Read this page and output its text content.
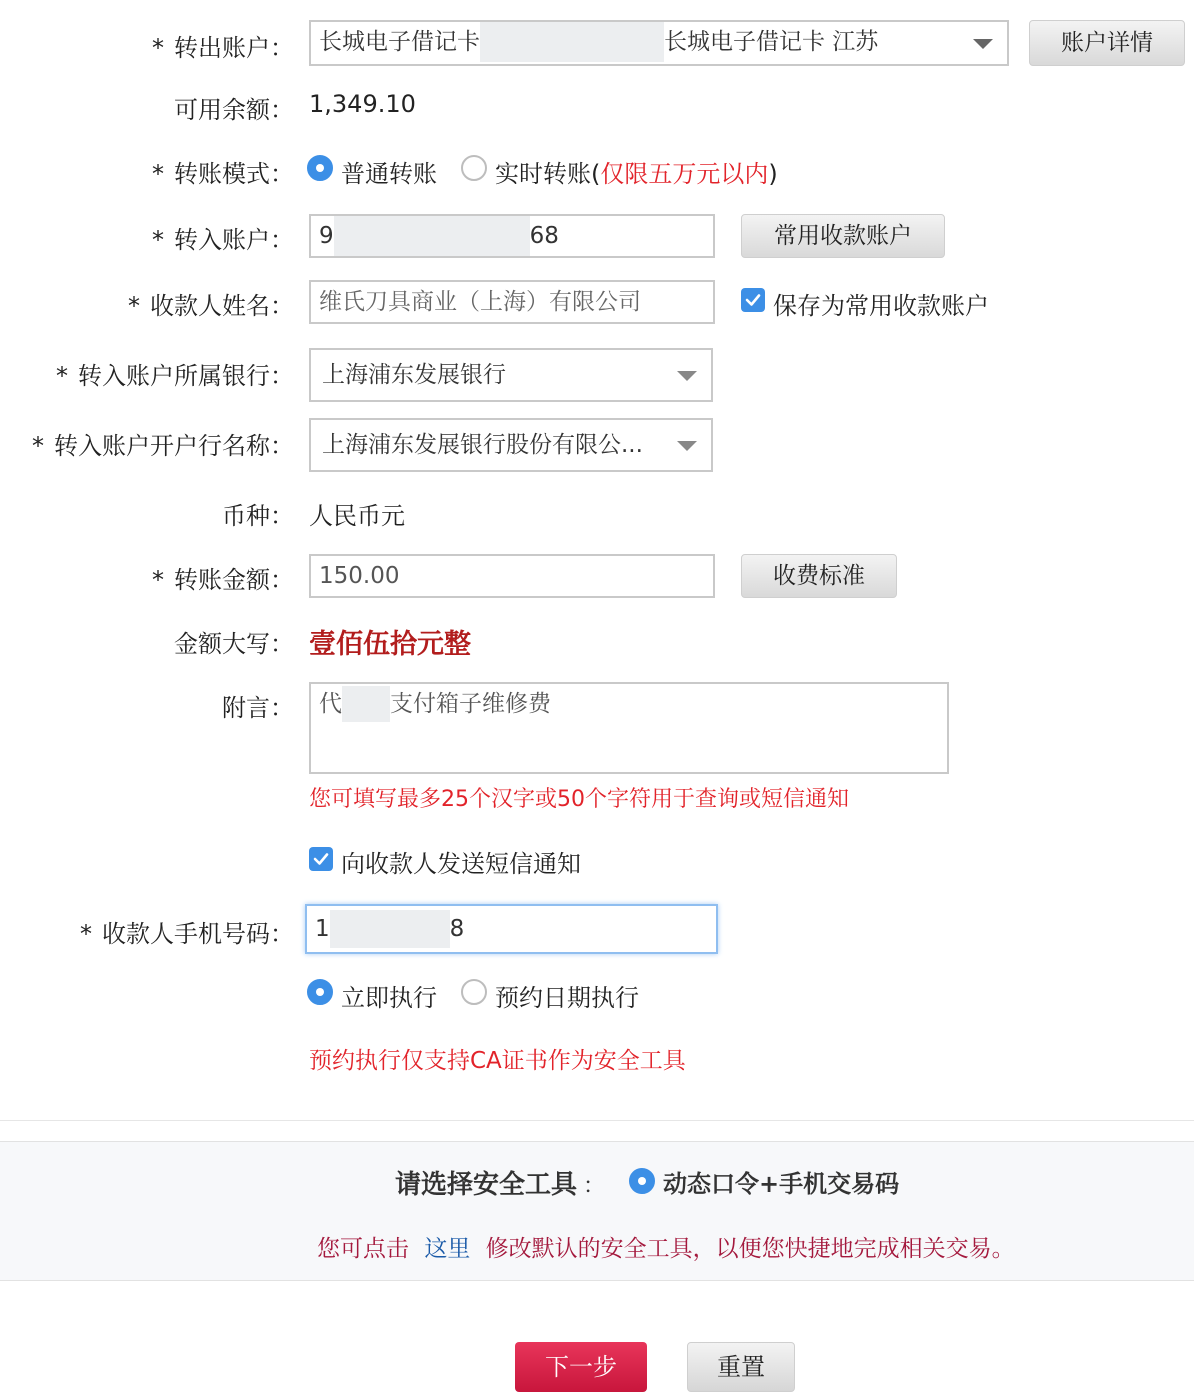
* 转出账户：	长城电子借记卡	长城电子借记卡 江苏	账户详情
可用余额： 1,349.10
* 转账模式： 普通转账 实时转账(仅限五万元以内)
* 转入账户：	9	68	常用收款账户
* 收款人姓名：	维氏刀具商业（上海）有限公司	保存为常用收款账户
* 转入账户所属银行：	上海浦东发展银行
* 转入账户开户行名称：	上海浦东发展银行股份有限公...
币种： 人民币元
* 转账金额：	150.00	收费标准
金额大写： 壹佰伍拾元整
附言：	代 支付箱子维修费
您可填写最多25个汉字或50个字符用于查询或短信通知
向收款人发送短信通知
* 收款人手机号码： 1	8
立即执行 预约日期执行
预约执行仅支持CA证书作为安全工具
请选择安全工具 ： 动态口令+手机交易码
您可点击 这里 修改默认的安全工具，以便您快捷地完成相关交易。
下一步	重置
